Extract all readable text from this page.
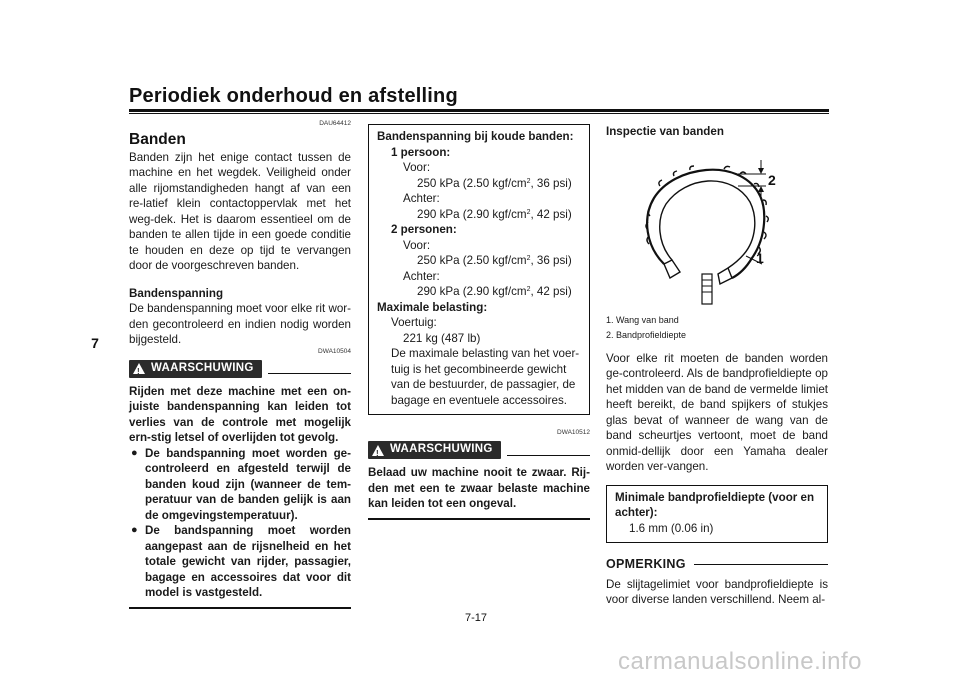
Periodiek onderhoud en afstelling
7
DAU64412
Banden
Banden zijn het enige contact tussen de machine en het wegdek. Veiligheid onder alle rijomstandigheden hangt af van een re-latief klein contactoppervlak met het weg-dek. Het is daarom essentieel om de banden te allen tijde in een goede conditie te houden en deze op tijd te vervangen door de voorgeschreven banden.
Bandenspanning
De bandenspanning moet voor elke rit wor-den gecontroleerd en indien nodig worden bijgesteld.
DWA10504
!
WAARSCHUWING
Rijden met deze machine met een on-juiste bandenspanning kan leiden tot verlies van de controle met mogelijk ern-stig letsel of overlijden tot gevolg.
● De bandspanning moet worden ge-controleerd en afgesteld terwijl de banden koud zijn (wanneer de tem-peratuur van de banden gelijk is aan de omgevingstemperatuur).
● De bandspanning moet worden aangepast aan de rijsnelheid en het totale gewicht van rijder, passagier, bagage en accessoires dat voor dit model is vastgesteld.
Bandenspanning bij koude banden:
1 persoon:
Voor:
250 kPa (2.50 kgf/$cm^2$, 36 psi)
Achter:
290 kPa (2.90 kgf/$cm^2$, 42 psi)
2 personen:
Voor:
250 kPa (2.50 kgf/$cm^2$, 36 psi)
Achter:
290 kPa (2.90 kgf/$cm^2$, 42 psi)
Maximale belasting:
Voertuig:
221 kg (487 lb)
De maximale belasting van het voer-tuig is het gecombineerde gewicht van de bestuurder, de passagier, de bagage en eventuele accessoires.
DWA10512
!
WAARSCHUWING
Belaad uw machine nooit te zwaar. Rij-den met een te zwaar belaste machine kan leiden tot een ongeval.
Inspectie van banden
2
1
1. Wang van band
2. Bandprofieldiepte
Voor elke rit moeten de banden worden ge-controleerd. Als de bandprofieldiepte op het midden van de band de vermelde limiet heeft bereikt, de band spijkers of stukjes glas bevat of wanneer de wang van de band scheurtjes vertoont, moet de band onmid-dellijk door een Yamaha dealer worden ver-vangen.
Minimale bandprofieldiepte (voor en achter):
1.6 mm (0.06 in)
OPMERKING
De slijtagelimiet voor bandprofieldiepte is voor diverse landen verschillend. Neem al-
7-17
carmanualsonline.info
